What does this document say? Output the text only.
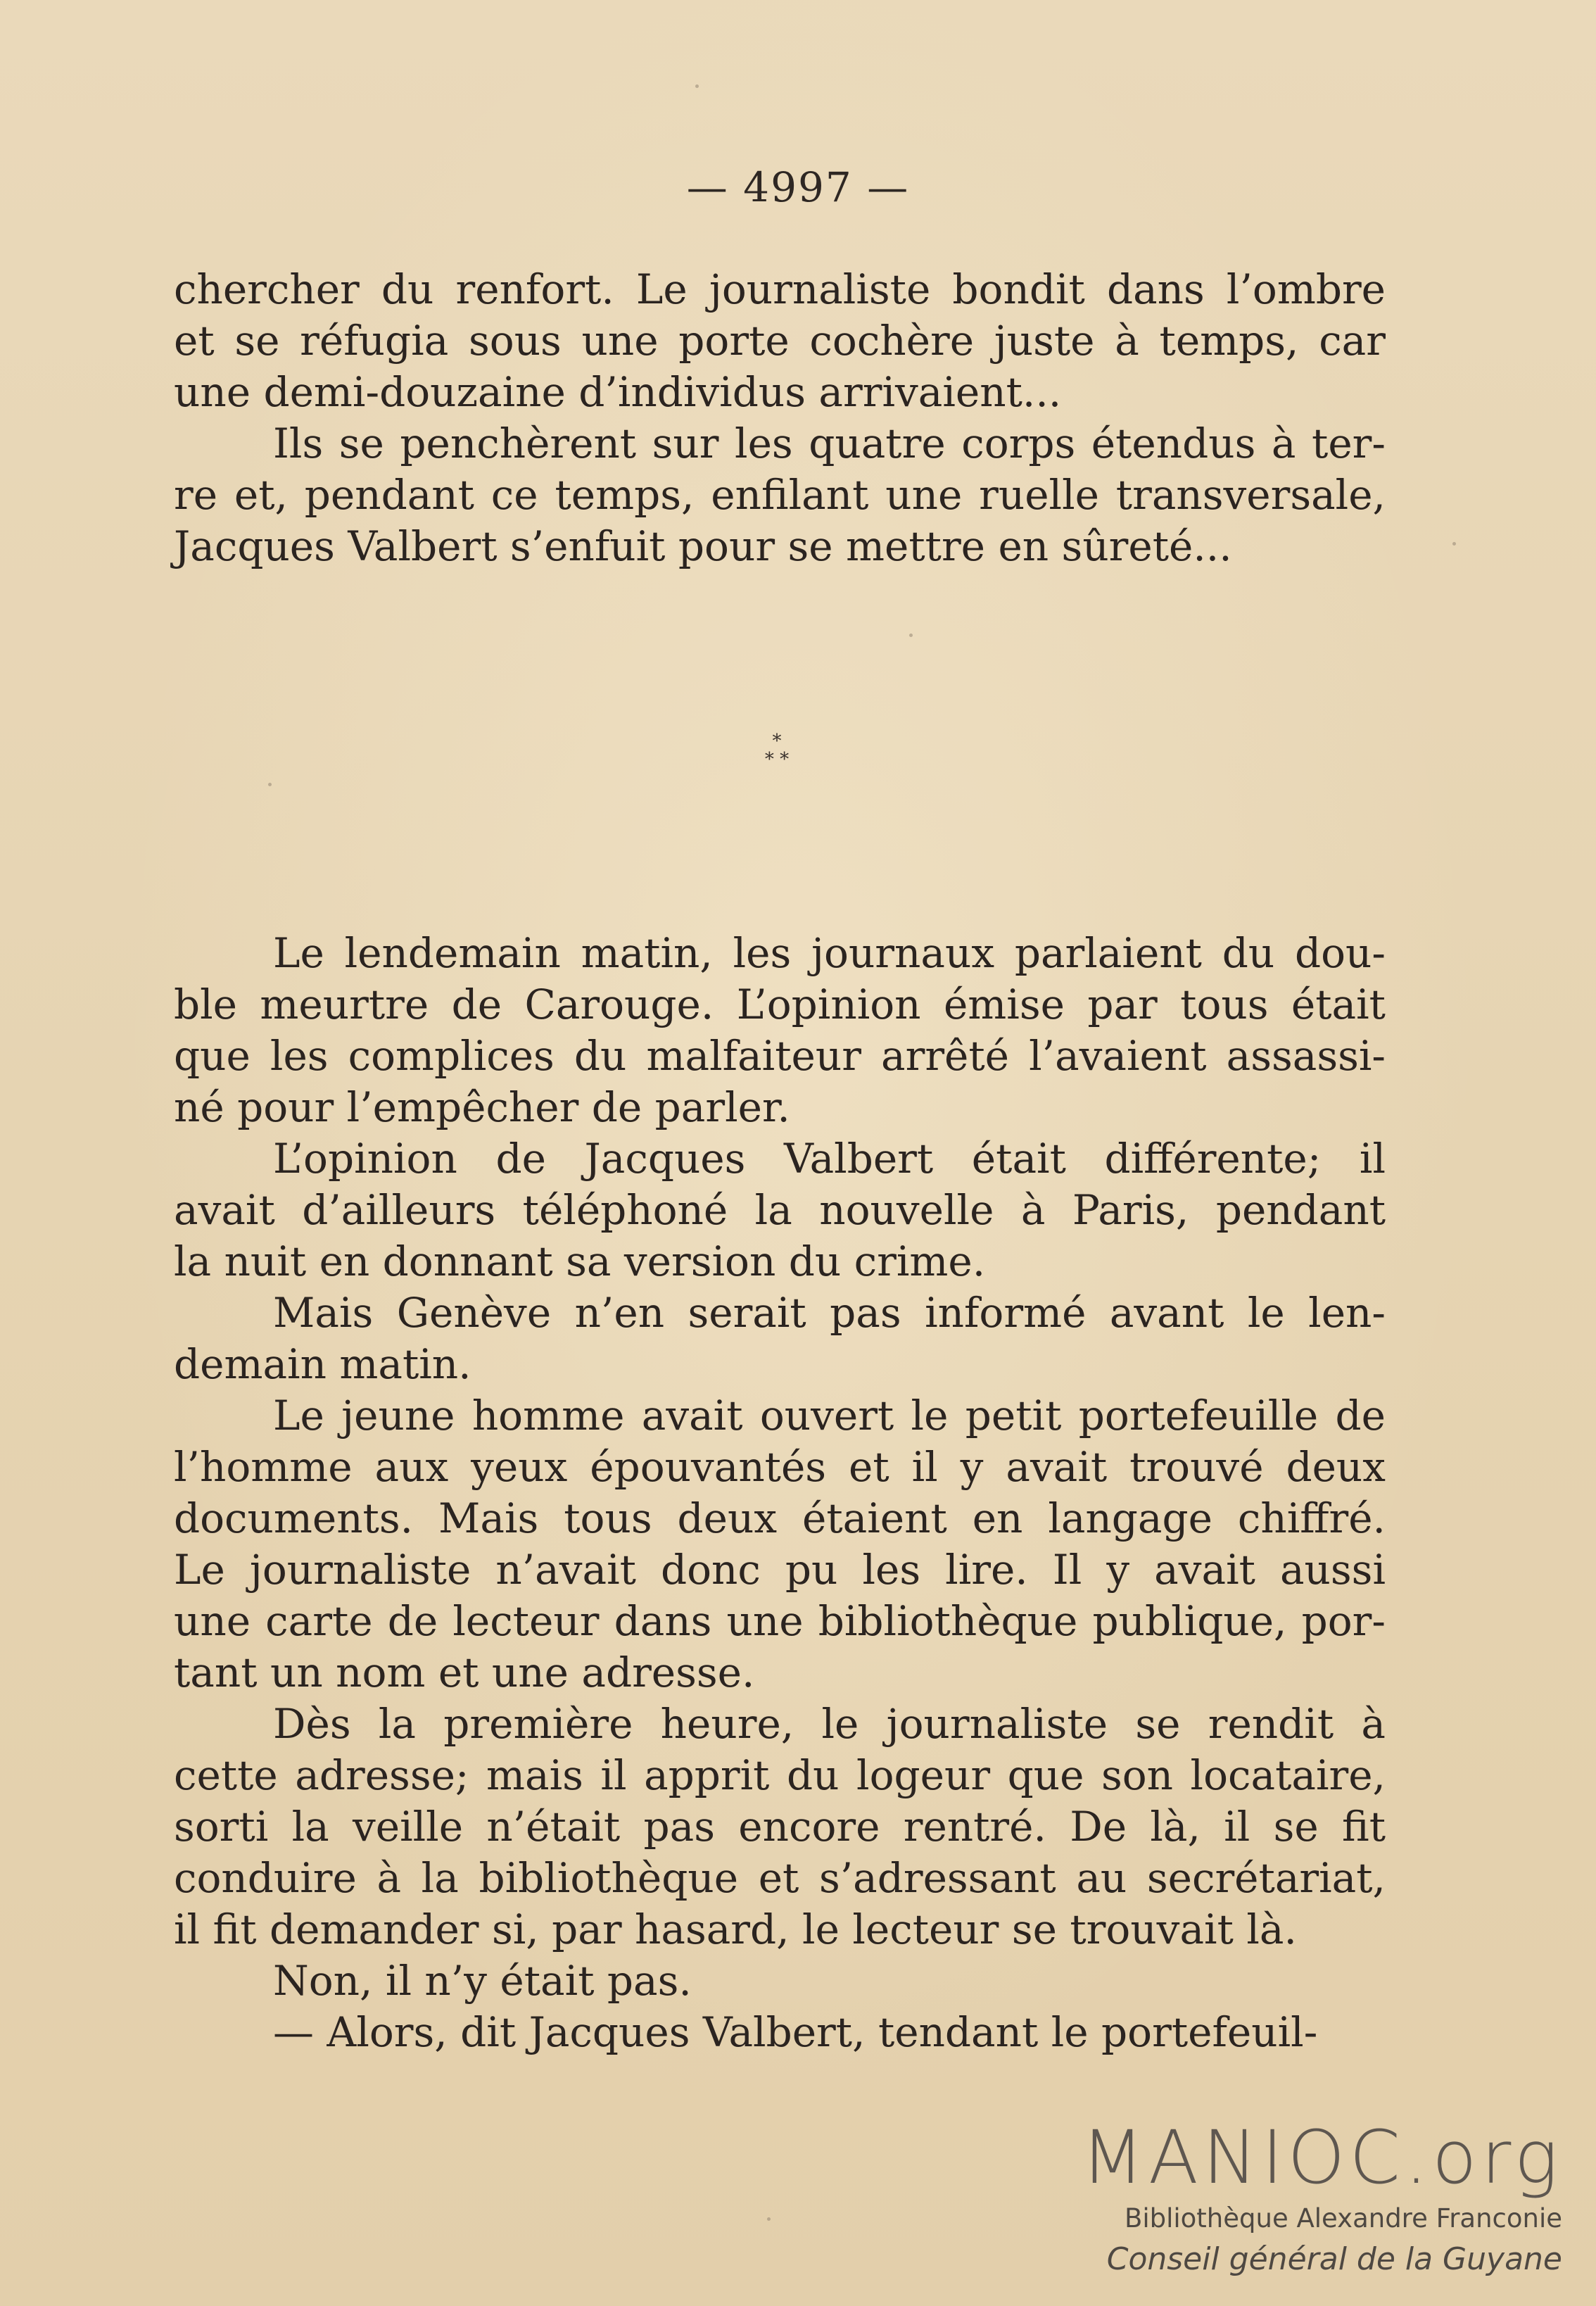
— 4997 —
chercher du renfort. Le journaliste bondit dans l’ombre
et se réfugia sous une porte cochère juste à temps, car
une demi-douzaine d’individus arrivaient...
Ils se penchèrent sur les quatre corps étendus à ter-
re et, pendant ce temps, enfilant une ruelle transversale,
Jacques Valbert s’enfuit pour se mettre en sûreté...
*
* *
Le lendemain matin, les journaux parlaient du dou-
ble meurtre de Carouge. L’opinion émise par tous était
que les complices du malfaiteur arrêté l’avaient assassi-
né pour l’empêcher de parler.
L’opinion de Jacques Valbert était différente; il
avait d’ailleurs téléphoné la nouvelle à Paris, pendant
la nuit en donnant sa version du crime.
Mais Genève n’en serait pas informé avant le len-
demain matin.
Le jeune homme avait ouvert le petit portefeuille de
l’homme aux yeux épouvantés et il y avait trouvé deux
documents. Mais tous deux étaient en langage chiffré.
Le journaliste n’avait donc pu les lire. Il y avait aussi
une carte de lecteur dans une bibliothèque publique, por-
tant un nom et une adresse.
Dès la première heure, le journaliste se rendit à
cette adresse; mais il apprit du logeur que son locataire,
sorti la veille n’était pas encore rentré. De là, il se fit
conduire à la bibliothèque et s’adressant au secrétariat,
il fit demander si, par hasard, le lecteur se trouvait là.
Non, il n’y était pas.
— Alors, dit Jacques Valbert, tendant le portefeuil-
MANIOC.org
Bibliothèque Alexandre Franconie
Conseil général de la Guyane
